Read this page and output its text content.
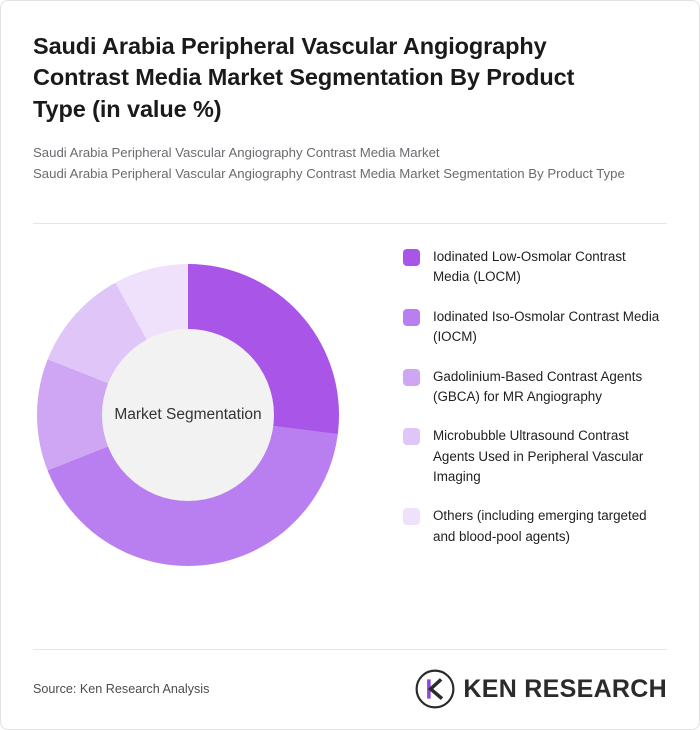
Saudi Arabia Peripheral Vascular Angiography Contrast Media Market Segmentation By Product Type (in value %)
Saudi Arabia Peripheral Vascular Angiography Contrast Media Market
Saudi Arabia Peripheral Vascular Angiography Contrast Media Market Segmentation By Product Type
Market Segmentation
Iodinated Low-Osmolar Contrast Media (LOCM)
Iodinated Iso-Osmolar Contrast Media (IOCM)
Gadolinium-Based Contrast Agents (GBCA) for MR Angiography
Microbubble Ultrasound Contrast Agents Used in Peripheral Vascular Imaging
Others (including emerging targeted and blood-pool agents)
Source: Ken Research Analysis	KEN RESEARCH
